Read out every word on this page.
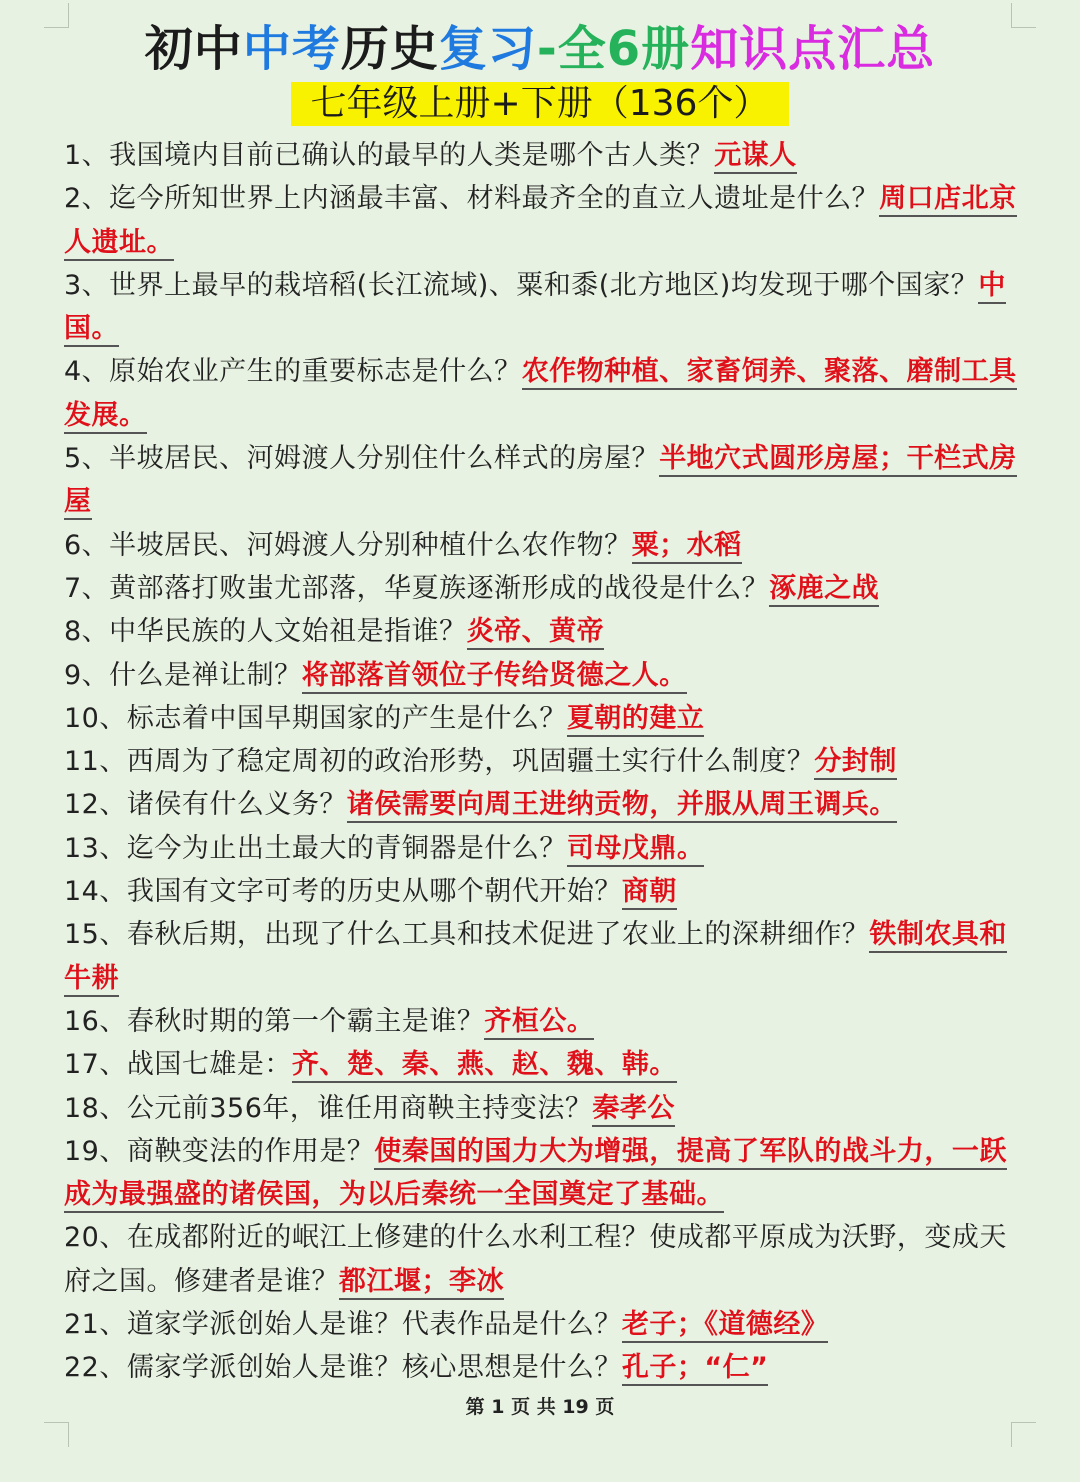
初中中考历史复习-全6册知识点汇总
七年级上册+下册（136个）
1、我国境内目前已确认的最早的人类是哪个古人类？元谋人
2、迄今所知世界上内涵最丰富、材料最齐全的直立人遗址是什么？周口店北京人遗址。
3、世界上最早的栽培稻(长江流域)、粟和黍(北方地区)均发现于哪个国家？中国。
4、原始农业产生的重要标志是什么？农作物种植、家畜饲养、聚落、磨制工具发展。
5、半坡居民、河姆渡人分别住什么样式的房屋？半地穴式圆形房屋；干栏式房屋
6、半坡居民、河姆渡人分别种植什么农作物？粟；水稻
7、黄部落打败蚩尤部落，华夏族逐渐形成的战役是什么？涿鹿之战
8、中华民族的人文始祖是指谁？炎帝、黄帝
9、什么是禅让制？将部落首领位子传给贤德之人。
10、标志着中国早期国家的产生是什么？夏朝的建立
11、西周为了稳定周初的政治形势，巩固疆土实行什么制度？分封制
12、诸侯有什么义务？诸侯需要向周王进纳贡物，并服从周王调兵。
13、迄今为止出土最大的青铜器是什么？司母戊鼎。
14、我国有文字可考的历史从哪个朝代开始？商朝
15、春秋后期，出现了什么工具和技术促进了农业上的深耕细作？铁制农具和牛耕
16、春秋时期的第一个霸主是谁？齐桓公。
17、战国七雄是：齐、楚、秦、燕、赵、魏、韩。
18、公元前356年，谁任用商鞅主持变法？秦孝公
19、商鞅变法的作用是？使秦国的国力大为增强，提高了军队的战斗力，一跃成为最强盛的诸侯国，为以后秦统一全国奠定了基础。
20、在成都附近的岷江上修建的什么水利工程？使成都平原成为沃野，变成天府之国。修建者是谁？都江堰；李冰
21、道家学派创始人是谁？代表作品是什么？老子；《道德经》
22、儒家学派创始人是谁？核心思想是什么？孔子；“仁”
第 1 页 共 19 页
